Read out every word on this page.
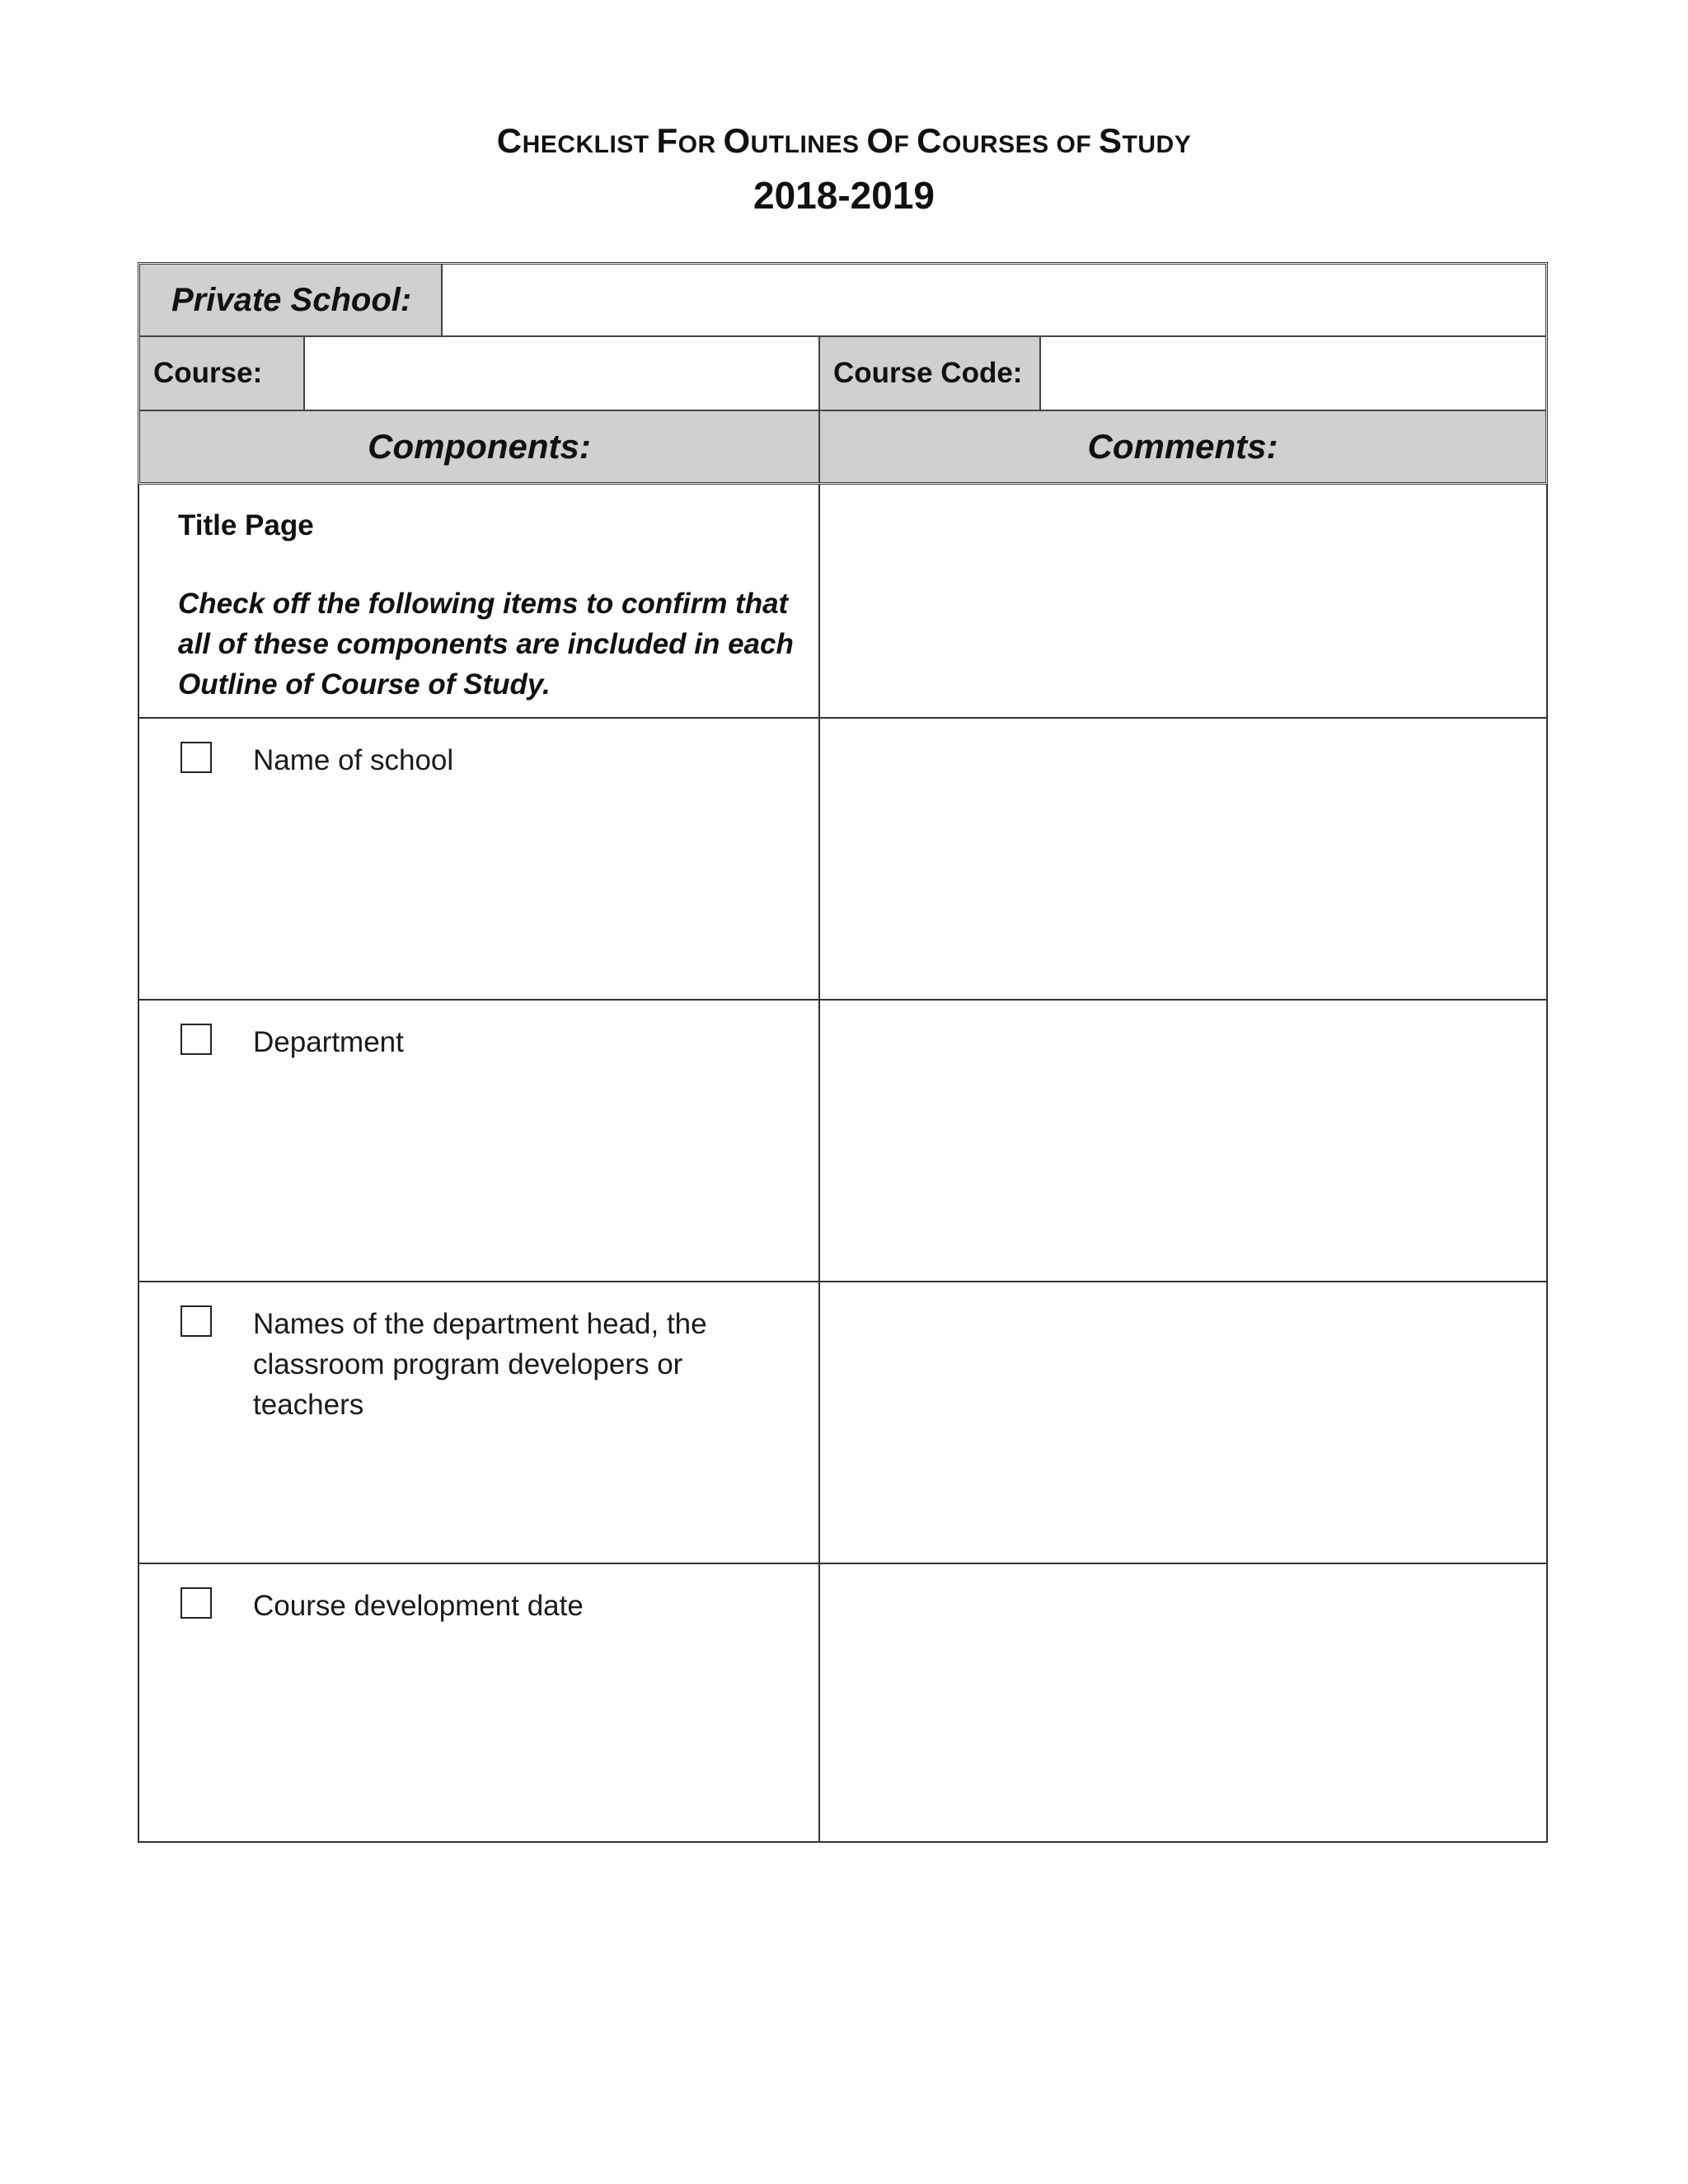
CHECKLIST FOR OUTLINES OF COURSES OF STUDY
2018-2019
Private School:
Course:	Course Code:
Components:	Comments:
Title Page
Check off the following items to confirm that all of these components are included in each Outline of Course of Study.
Name of school
Department
Names of the department head, the classroom program developers or teachers
Course development date
